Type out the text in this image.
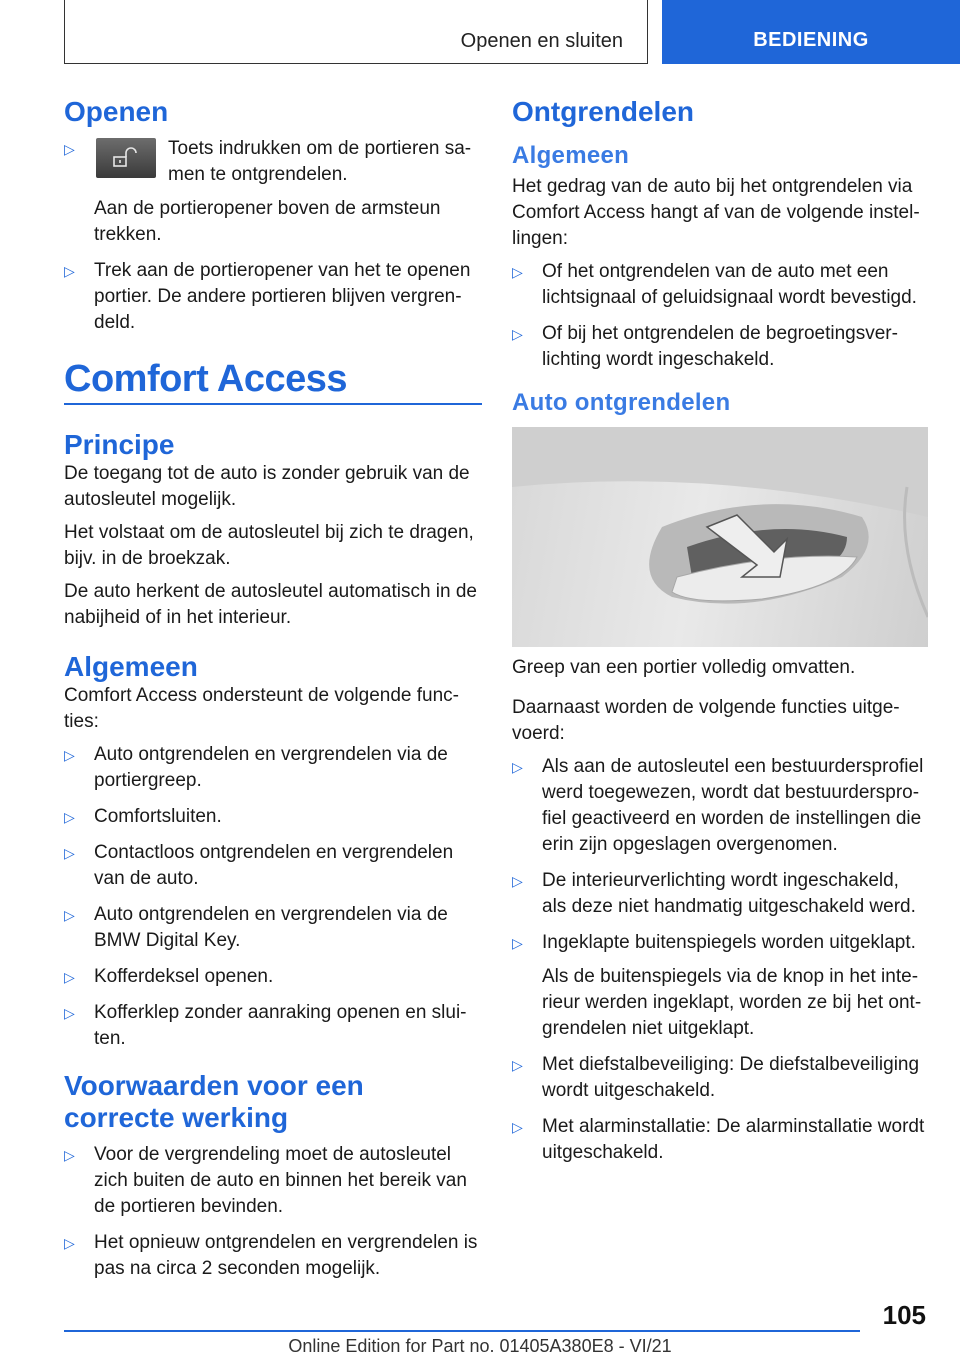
Openen en sluiten	BEDIENING
Openen
▷	Toets indrukken om de portieren sa-men te ontgrendelen.
Aan de portieropener boven de armsteun trekken.
▷ Trek aan de portieropener van het te openen portier. De andere portieren blijven vergren-deld.
Comfort Access
Principe

De toegang tot de auto is zonder gebruik van de autosleutel mogelijk.

Het volstaat om de autosleutel bij zich te dragen, bijv. in de broekzak.

De auto herkent de autosleutel automatisch in de nabijheid of in het interieur.

Algemeen

Comfort Access ondersteunt de volgende func-ties:

▷ Auto ontgrendelen en vergrendelen via de portiergreep.
▷ Comfortsluiten.
▷ Contactloos ontgrendelen en vergrendelen van de auto.
▷ Auto ontgrendelen en vergrendelen via de BMW Digital Key.
▷ Kofferdeksel openen.
▷ Kofferklep zonder aanraking openen en slui-ten.
Voorwaarden voor een correcte werking
▷ Voor de vergrendeling moet de autosleutel zich buiten de auto en binnen het bereik van de portieren bevinden.
▷ Het opnieuw ontgrendelen en vergrendelen is pas na circa 2 seconden mogelijk.
Ontgrendelen
Algemeen

Het gedrag van de auto bij het ontgrendelen via Comfort Access hangt af van de volgende instel-lingen:

▷ Of het ontgrendelen van de auto met een lichtsignaal of geluidsignaal wordt bevestigd.
▷ Of bij het ontgrendelen de begroetingsver-lichting wordt ingeschakeld.
Auto ontgrendelen

Greep van een portier volledig omvatten.

Daarnaast worden de volgende functies uitge-voerd:

▷ Als aan de autosleutel een bestuurdersprofiel werd toegewezen, wordt dat bestuurderspro-fiel geactiveerd en worden de instellingen die erin zijn opgeslagen overgenomen.
▷ De interieurverlichting wordt ingeschakeld, als deze niet handmatig uitgeschakeld werd.
▷ Ingeklapte buitenspiegels worden uitgeklapt.
Als de buitenspiegels via de knop in het inte-rieur werden ingeklapt, worden ze bij het ont-grendelen niet uitgeklapt.
▷ Met diefstalbeveiliging: De diefstalbeveiliging wordt uitgeschakeld.
▷ Met alarminstallatie: De alarminstallatie wordt uitgeschakeld.
105
Online Edition for Part no. 01405A380E8 - VI/21
